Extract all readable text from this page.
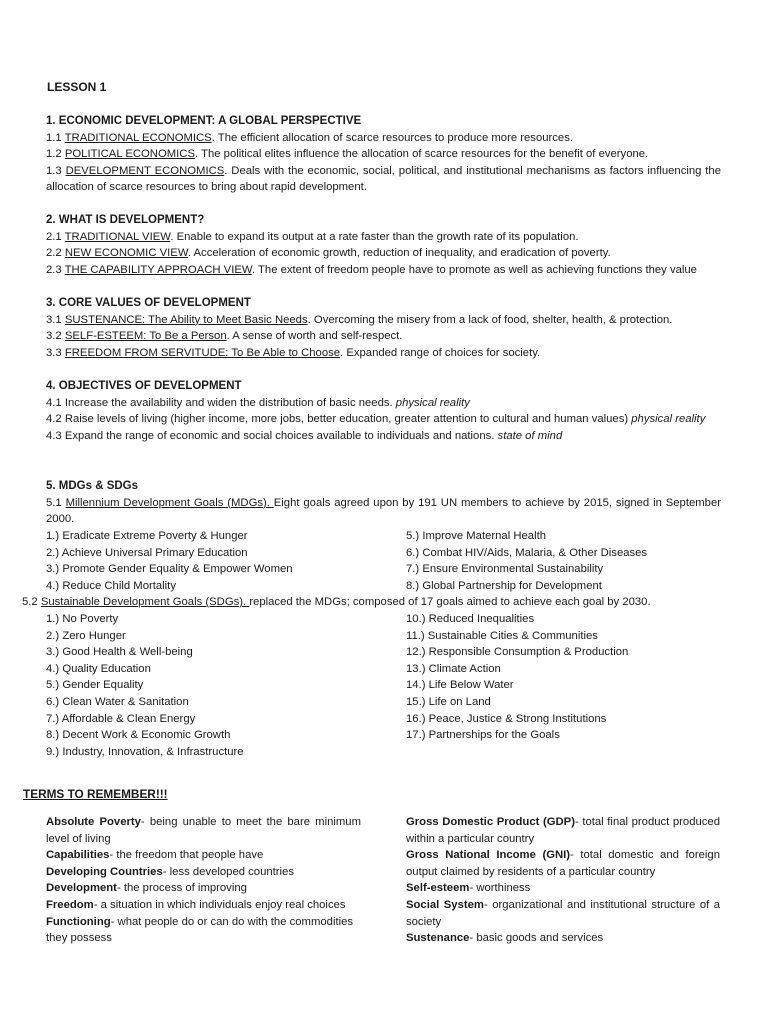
LESSON 1
1. ECONOMIC DEVELOPMENT: A GLOBAL PERSPECTIVE
1.1 TRADITIONAL ECONOMICS. The efficient allocation of scarce resources to produce more resources.
1.2 POLITICAL ECONOMICS. The political elites influence the allocation of scarce resources for the benefit of everyone.
1.3 DEVELOPMENT ECONOMICS. Deals with the economic, social, political, and institutional mechanisms as factors influencing the allocation of scarce resources to bring about rapid development.
2. WHAT IS DEVELOPMENT?
2.1 TRADITIONAL VIEW. Enable to expand its output at a rate faster than the growth rate of its population.
2.2 NEW ECONOMIC VIEW. Acceleration of economic growth, reduction of inequality, and eradication of poverty.
2.3 THE CAPABILITY APPROACH VIEW. The extent of freedom people have to promote as well as achieving functions they value
3. CORE VALUES OF DEVELOPMENT
3.1 SUSTENANCE: The Ability to Meet Basic Needs. Overcoming the misery from a lack of food, shelter, health, & protection.
3.2 SELF-ESTEEM: To Be a Person. A sense of worth and self-respect.
3.3 FREEDOM FROM SERVITUDE: To Be Able to Choose. Expanded range of choices for society.
4. OBJECTIVES OF DEVELOPMENT
4.1 Increase the availability and widen the distribution of basic needs. physical reality
4.2 Raise levels of living (higher income, more jobs, better education, greater attention to cultural and human values) physical reality
4.3 Expand the range of economic and social choices available to individuals and nations. state of mind
5. MDGs & SDGs
5.1 Millennium Development Goals (MDGs). Eight goals agreed upon by 191 UN members to achieve by 2015, signed in September 2000.
1.) Eradicate Extreme Poverty & Hunger
2.) Achieve Universal Primary Education
3.) Promote Gender Equality & Empower Women
4.) Reduce Child Mortality
5.) Improve Maternal Health
6.) Combat HIV/Aids, Malaria, & Other Diseases
7.) Ensure Environmental Sustainability
8.) Global Partnership for Development
5.2 Sustainable Development Goals (SDGs). replaced the MDGs; composed of 17 goals aimed to achieve each goal by 2030.
1.) No Poverty
2.) Zero Hunger
3.) Good Health & Well-being
4.) Quality Education
5.) Gender Equality
6.) Clean Water & Sanitation
7.) Affordable & Clean Energy
8.) Decent Work & Economic Growth
9.) Industry, Innovation, & Infrastructure
10.) Reduced Inequalities
11.) Sustainable Cities & Communities
12.) Responsible Consumption & Production
13.) Climate Action
14.) Life Below Water
15.) Life on Land
16.) Peace, Justice & Strong Institutions
17.) Partnerships for the Goals
TERMS TO REMEMBER!!!
Absolute Poverty- being unable to meet the bare minimum level of living
Capabilities- the freedom that people have
Developing Countries- less developed countries
Development- the process of improving
Freedom- a situation in which individuals enjoy real choices
Functioning- what people do or can do with the commodities they possess
Gross Domestic Product (GDP)- total final product produced within a particular country
Gross National Income (GNI)- total domestic and foreign output claimed by residents of a particular country
Self-esteem- worthiness
Social System- organizational and institutional structure of a society
Sustenance- basic goods and services
